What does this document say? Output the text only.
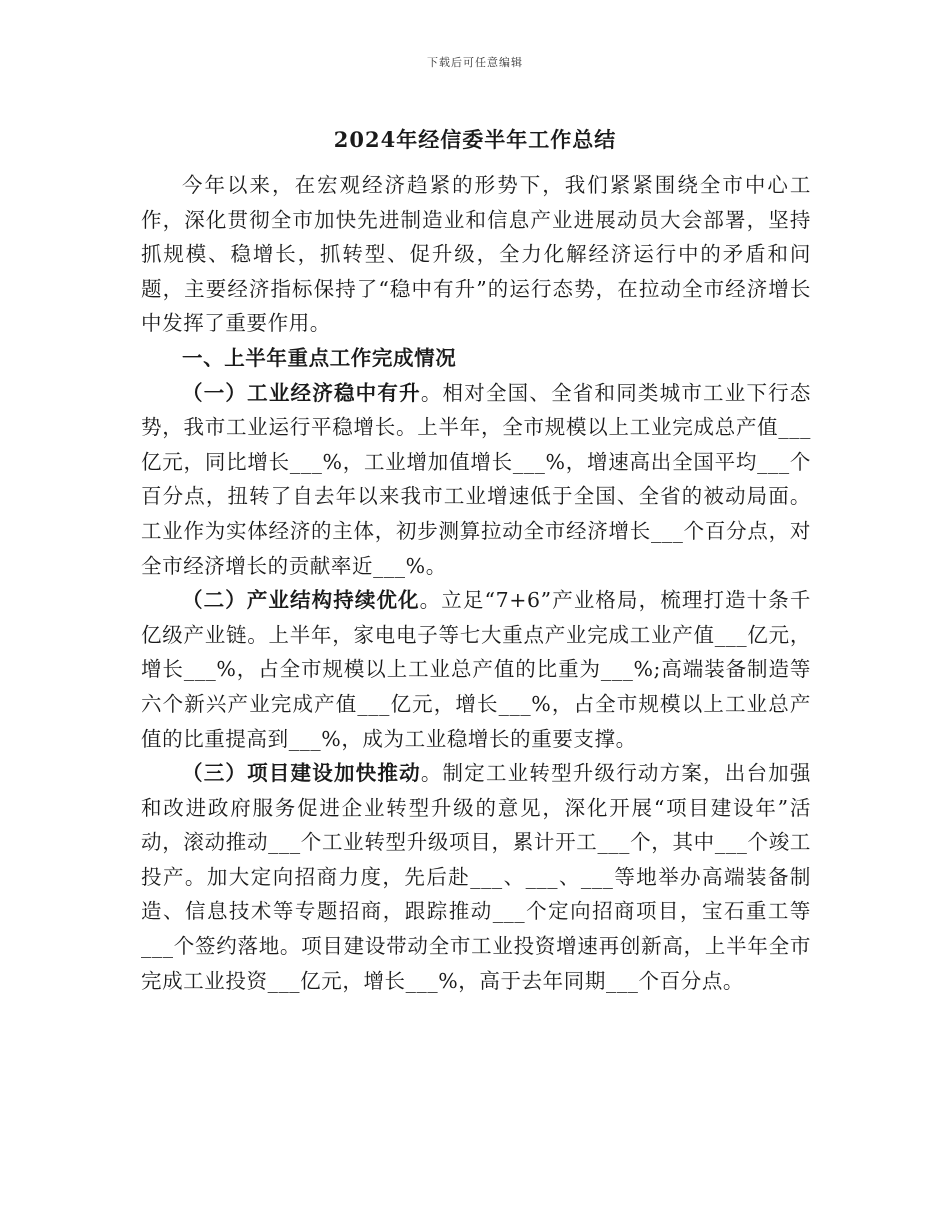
下载后可任意编辑
2024年经信委半年工作总结

今年以来，在宏观经济趋紧的形势下，我们紧紧围绕全市中心工作，深化贯彻全市加快先进制造业和信息产业进展动员大会部署，坚持抓规模、稳增长，抓转型、促升级，全力化解经济运行中的矛盾和问题，主要经济指标保持了“稳中有升”的运行态势，在拉动全市经济增长中发挥了重要作用。

一、上半年重点工作完成情况

（一）工业经济稳中有升。相对全国、全省和同类城市工业下行态势，我市工业运行平稳增长。上半年，全市规模以上工业完成总产值___亿元，同比增长___%，工业增加值增长___%，增速高出全国平均___个百分点，扭转了自去年以来我市工业增速低于全国、全省的被动局面。工业作为实体经济的主体，初步测算拉动全市经济增长___个百分点，对全市经济增长的贡献率近___%。

（二）产业结构持续优化。立足“7+6”产业格局，梳理打造十条千亿级产业链。上半年，家电电子等七大重点产业完成工业产值___亿元，增长___%，占全市规模以上工业总产值的比重为___%;高端装备制造等六个新兴产业完成产值___亿元，增长___%，占全市规模以上工业总产值的比重提高到___%，成为工业稳增长的重要支撑。

（三）项目建设加快推动。制定工业转型升级行动方案，出台加强和改进政府服务促进企业转型升级的意见，深化开展“项目建设年”活动，滚动推动___个工业转型升级项目，累计开工___个，其中___个竣工投产。加大定向招商力度，先后赴___、___、___等地举办高端装备制造、信息技术等专题招商，跟踪推动___个定向招商项目，宝石重工等___个签约落地。项目建设带动全市工业投资增速再创新高，上半年全市完成工业投资___亿元，增长___%，高于去年同期___个百分点。
